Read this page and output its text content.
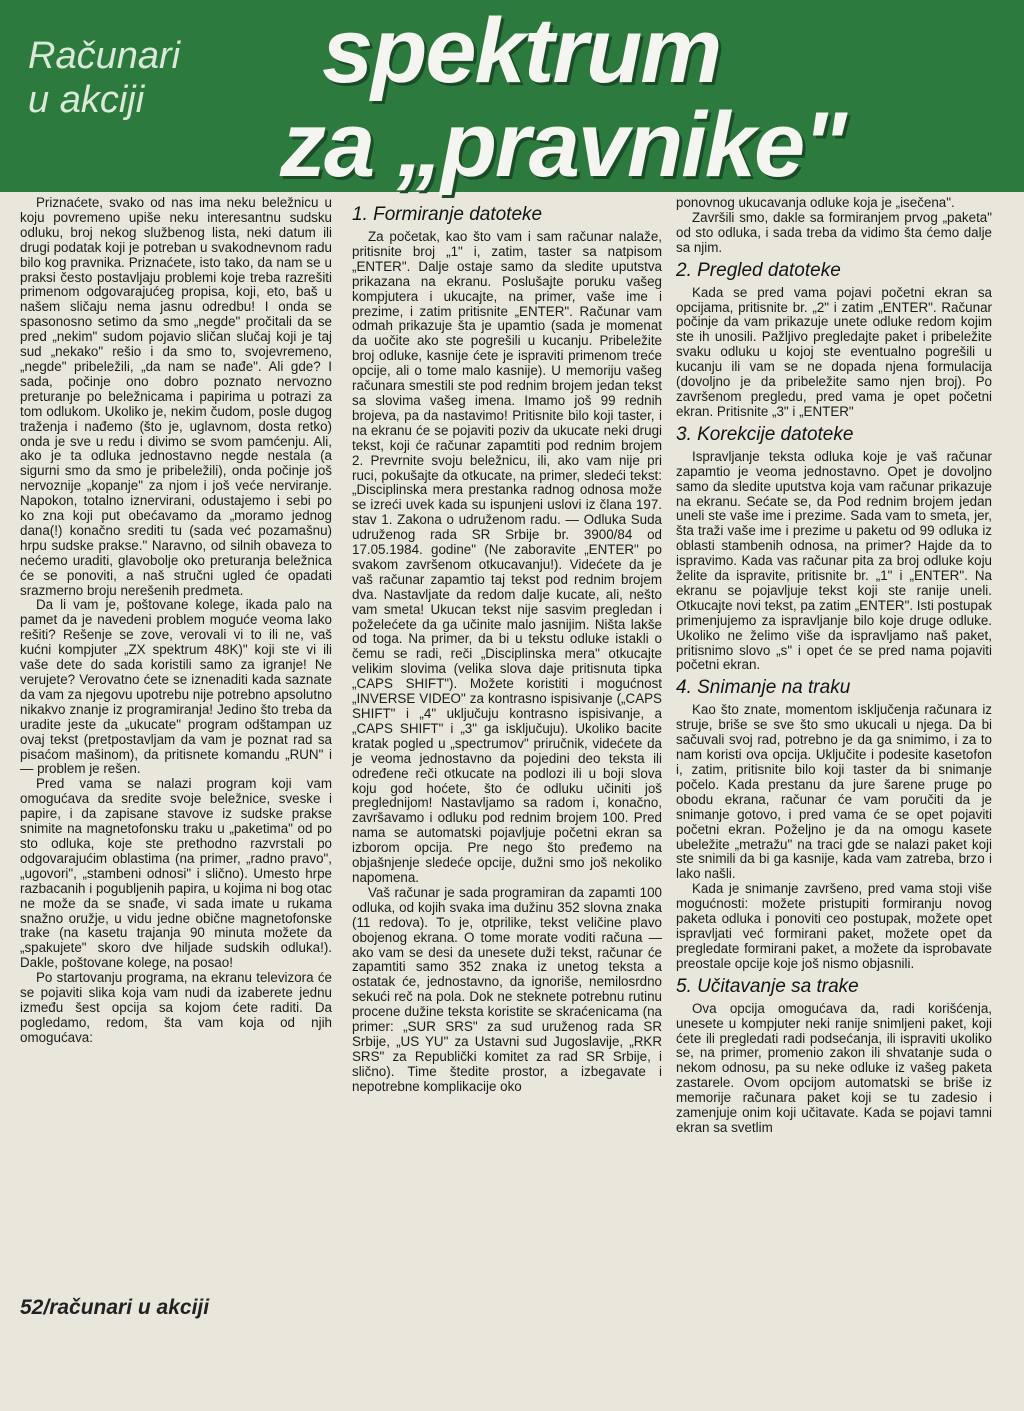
Računari
u akciji	spektrum
za „pravnike"

Priznaćete, svako od nas ima neku beležnicu u koju povremeno upiše neku interesantnu sudsku odluku, broj nekog službenog lista, neki datum ili drugi podatak koji je potreban u svakodnevnom radu bilo kog pravnika. Priznaćete, isto tako, da nam se u praksi često postavljaju problemi koje treba razrešiti primenom odgovarajućeg propisa, koji, eto, baš u našem sličaju nema jasnu odredbu! I onda se spasonosno setimo da smo „negde" pročitali da se pred „nekim" sudom pojavio sličan slučaj koji je taj sud „nekako" rešio i da smo to, svojevremeno, „negde" pribeležili, „da nam se nađe". Ali gde? I sada, počinje ono dobro poznato nervozno preturanje po beležnicama i papirima u potrazi za tom odlukom. Ukoliko je, nekim čudom, posle dugog traženja i nađemo (što je, uglavnom, dosta retko) onda je sve u redu i divimo se svom pamćenju. Ali, ako je ta odluka jednostavno negde nestala (a sigurni smo da smo je pribeležili), onda počinje još nervoznije „kopanje" za njom i još veće nerviranje. Napokon, totalno iznervirani, odustajemo i sebi po ko zna koji put obećavamo da „moramo jednog dana(!) konačno srediti tu (sada već pozamašnu) hrpu sudske prakse." Naravno, od silnih obaveza to nećemo uraditi, glavobolje oko preturanja beležnica će se ponoviti, a naš stručni ugled će opadati srazmerno broju nerešenih predmeta.

Da li vam je, poštovane kolege, ikada palo na pamet da je navedeni problem moguće veoma lako rešiti? Rešenje se zove, verovali vi to ili ne, vaš kućni kompjuter „ZX spektrum 48K)" koji ste vi ili vaše dete do sada koristili samo za igranje! Ne verujete? Verovatno ćete se iznenaditi kada saznate da vam za njegovu upotrebu nije potrebno apsolutno nikakvo znanje iz programiranja! Jedino što treba da uradite jeste da „ukucate" program odštampan uz ovaj tekst (pretpostavljam da vam je poznat rad sa pisaćom mašinom), da pritisnete komandu „RUN" i — problem je rešen.

Pred vama se nalazi program koji vam omogućava da sredite svoje beležnice, sveske i papire, i da zapisane stavove iz sudske prakse snimite na magnetofonsku traku u „paketima" od po sto odluka, koje ste prethodno razvrstali po odgovarajućim oblastima (na primer, „radno pravo", „ugovori", „stambeni odnosi" i slično). Umesto hrpe razbacanih i pogubljenih papira, u kojima ni bog otac ne može da se snađe, vi sada imate u rukama snažno oružje, u vidu jedne obične magnetofonske trake (na kasetu trajanja 90 minuta možete da „spakujete" skoro dve hiljade sudskih odluka!). Dakle, poštovane kolege, na posao!

Po startovanju programa, na ekranu televizora će se pojaviti slika koja vam nudi da izaberete jednu između šest opcija sa kojom ćete raditi. Da pogledamo, redom, šta vam koja od njih omogućava:

1. Formiranje datoteke

Za početak, kao što vam i sam računar nalaže, pritisnite broj „1" i, zatim, taster sa natpisom „ENTER". Dalje ostaje samo da sledite uputstva prikazana na ekranu. Poslušajte poruku vašeg kompjutera i ukucajte, na primer, vaše ime i prezime, i zatim pritisnite „ENTER". Računar vam odmah prikazuje šta je upamtio (sada je momenat da uočite ako ste pogrešili u kucanju. Pribeležite broj odluke, kasnije ćete je ispraviti primenom treće opcije, ali o tome malo kasnije). U memoriju vašeg računara smestili ste pod rednim brojem jedan tekst sa slovima vašeg imena. Imamo još 99 rednih brojeva, pa da nastavimo! Pritisnite bilo koji taster, i na ekranu će se pojaviti poziv da ukucate neki drugi tekst, koji će računar zapamtiti pod rednim brojem 2. Prevrnite svoju beležnicu, ili, ako vam nije pri ruci, pokušajte da otkucate, na primer, sledeći tekst: „Disciplinska mera prestanka radnog odnosa može se izreći uvek kada su ispunjeni uslovi iz člana 197. stav 1. Zakona o udruženom radu. — Odluka Suda udruženog rada SR Srbije br. 3900/84 od 17.05.1984. godine" (Ne zaboravite „ENTER" po svakom završenom otkucavanju!). Videćete da je vaš računar zapamtio taj tekst pod rednim brojem dva. Nastavljate da redom dalje kucate, ali, nešto vam smeta! Ukucan tekst nije sasvim pregledan i poželećete da ga učinite malo jasnijim. Ništa lakše od toga. Na primer, da bi u tekstu odluke istakli o čemu se radi, reči „Disciplinska mera" otkucajte velikim slovima (velika slova daje pritisnuta tipka „CAPS SHIFT"). Možete koristiti i mogućnost „INVERSE VIDEO" za kontrasno ispisivanje („CAPS SHIFT" i „4" uključuju kontrasno ispisivanje, a „CAPS SHIFT" i „3" ga isključuju). Ukoliko bacite kratak pogled u „spectrumov" priručnik, videćete da je veoma jednostavno da pojedini deo teksta ili određene reči otkucate na podlozi ili u boji slova koju god hoćete, što će odluku učiniti još preglednijom! Nastavljamo sa radom i, konačno, završavamo i odluku pod rednim brojem 100. Pred nama se automatski pojavljuje početni ekran sa izborom opcija. Pre nego što pređemo na objašnjenje sledeće opcije, dužni smo još nekoliko napomena.

Vaš računar je sada programiran da zapamti 100 odluka, od kojih svaka ima dužinu 352 slovna znaka (11 redova). To je, otprilike, tekst veličine plavo obojenog ekrana. O tome morate voditi računa — ako vam se desi da unesete duži tekst, računar će zapamtiti samo 352 znaka iz unetog teksta a ostatak će, jednostavno, da ignoriše, nemilosrdno sekući reč na pola. Dok ne steknete potrebnu rutinu procene dužine teksta koristite se skraćenicama (na primer: „SUR SRS" za sud uruženog rada SR Srbije, „US YU" za Ustavni sud Jugoslavije, „RKR SRS" za Republički komitet za rad SR Srbije, i slično). Time štedite prostor, a izbegavate i nepotrebne komplikacije oko

ponovnog ukucavanja odluke koja je „isečena".

Završili smo, dakle sa formiranjem prvog „paketa" od sto odluka, i sada treba da vidimo šta ćemo dalje sa njim.

2. Pregled datoteke

Kada se pred vama pojavi početni ekran sa opcijama, pritisnite br. „2" i zatim „ENTER". Računar počinje da vam prikazuje unete odluke redom kojim ste ih unosili. Pažljivo pregledajte paket i pribeležite svaku odluku u kojoj ste eventualno pogrešili u kucanju ili vam se ne dopada njena formulacija (dovoljno je da pribeležite samo njen broj). Po završenom pregledu, pred vama je opet početni ekran. Pritisnite „3" i „ENTER"

3. Korekcije datoteke

Ispravljanje teksta odluka koje je vaš računar zapamtio je veoma jednostavno. Opet je dovoljno samo da sledite uputstva koja vam računar prikazuje na ekranu. Sećate se, da Pod rednim brojem jedan uneli ste vaše ime i prezime. Sada vam to smeta, jer, šta traži vaše ime i prezime u paketu od 99 odluka iz oblasti stambenih odnosa, na primer? Hajde da to ispravimo. Kada vas računar pita za broj odluke koju želite da ispravite, pritisnite br. „1" i „ENTER". Na ekranu se pojavljuje tekst koji ste ranije uneli. Otkucajte novi tekst, pa zatim „ENTER". Isti postupak primenjujemo za ispravljanje bilo koje druge odluke. Ukoliko ne želimo više da ispravljamo naš paket, pritisnimo slovo „s" i opet će se pred nama pojaviti početni ekran.

4. Snimanje na traku

Kao što znate, momentom isključenja računara iz struje, briše se sve što smo ukucali u njega. Da bi sačuvali svoj rad, potrebno je da ga snimimo, i za to nam koristi ova opcija. Uključite i podesite kasetofon i, zatim, pritisnite bilo koji taster da bi snimanje počelo. Kada prestanu da jure šarene pruge po obodu ekrana, računar će vam poručiti da je snimanje gotovo, i pred vama će se opet pojaviti početni ekran. Poželjno je da na omogu kasete ubeležite „metražu" na traci gde se nalazi paket koji ste snimili da bi ga kasnije, kada vam zatreba, brzo i lako našli.

Kada je snimanje završeno, pred vama stoji više mogućnosti: možete pristupiti formiranju novog paketa odluka i ponoviti ceo postupak, možete opet ispravljati već formirani paket, možete opet da pregledate formirani paket, a možete da isprobavate preostale opcije koje još nismo objasnili.

5. Učitavanje sa trake

Ova opcija omogućava da, radi korišćenja, unesete u kompjuter neki ranije snimljeni paket, koji ćete ili pregledati radi podsećanja, ili ispraviti ukoliko se, na primer, promenio zakon ili shvatanje suda o nekom odnosu, pa su neke odluke iz vašeg paketa zastarele. Ovom opcijom automatski se briše iz memorije računara paket koji se tu zadesio i zamenjuje onim koji učitavate. Kada se pojavi tamni ekran sa svetlim

52/računari u akciji
